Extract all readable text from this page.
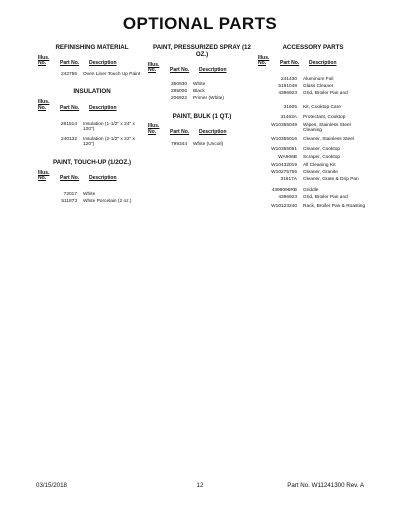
OPTIONAL PARTS
REFINISHING MATERIAL
Illus.
No.	Part No. Description
242756	Oven Liner Touch Up Paint
INSULATION
Illus.
No.	Part No. Description
261514	Insulation (1-1/2" x 24" x 120")
240132	Insulation (2-1/2" x 22" x 120")
PAINT, TOUCH-UP (1/2OZ.)
Illus.
No.	Part No. Description
72017	White
511873	White Porcelain (2 oz.)
PAINT, PRESSURIZED SPRAY (12
OZ.)
Illus.
No.	Part No. Description
350930	White
285006	Black
206922	Primer (White)
PAINT, BULK (1 QT.)
Illus.
No.	Part No. Description
799344	White (Uncoil)
ACCESSORY PARTS
Illus.
No.	Part No. Description
241430	Aluminum Foil
5191048	Glass Cleaner
4396923	Grid, Broiler Pan and
31605	Kit, Cooktop Care
31463A	Protectant, Cooktop
W10355049	Wipes, Stainless Steel Cleaning
W10355016	Cleaner, Stainless Steel
W10355051	Cleaner, Cooktop
WA906B	Scraper, Cooktop
W10432019	All Cleaning Kit
W10275756	Cleaner, Granite
31617A	Cleaner, Grate & Drip Pan
4396096RB	Griddle
4396923	Grid, Broiler Pan and
W10123240	Rack, Broiler Pan & Roasting
03/15/2018	12	Part No. W11241300 Rev. A
